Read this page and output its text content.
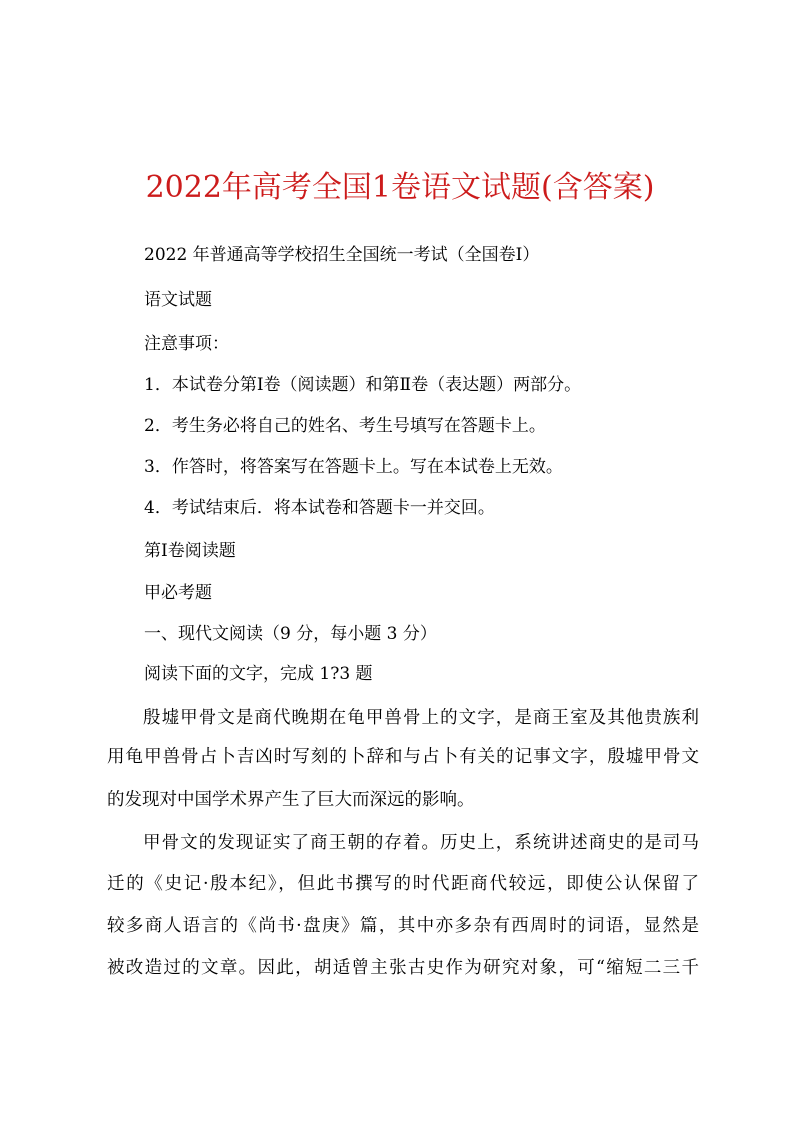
2022年高考全国1卷语文试题(含答案)
2022 年普通高等学校招生全国统一考试（全国卷Ⅰ）
语文试题
注意事项：
1．本试卷分第Ⅰ卷（阅读题）和第Ⅱ卷（表达题）两部分。
2．考生务必将自己的姓名、考生号填写在答题卡上。
3．作答时，将答案写在答题卡上。写在本试卷上无效。
4．考试结束后．将本试卷和答题卡一并交回。
第Ⅰ卷阅读题
甲必考题
一、现代文阅读（9 分，每小题 3 分）
阅读下面的文字，完成 1?3 题
殷墟甲骨文是商代晚期在龟甲兽骨上的文字，是商王室及其他贵族利
用龟甲兽骨占卜吉凶时写刻的卜辞和与占卜有关的记事文字，殷墟甲骨文
的发现对中国学术界产生了巨大而深远的影响。
甲骨文的发现证实了商王朝的存着。历史上，系统讲述商史的是司马
迁的《史记·殷本纪》，但此书撰写的时代距商代较远，即使公认保留了
较多商人语言的《尚书·盘庚》篇，其中亦多杂有西周时的词语，显然是
被改造过的文章。因此，胡适曾主张古史作为研究对象，可“缩短二三千
